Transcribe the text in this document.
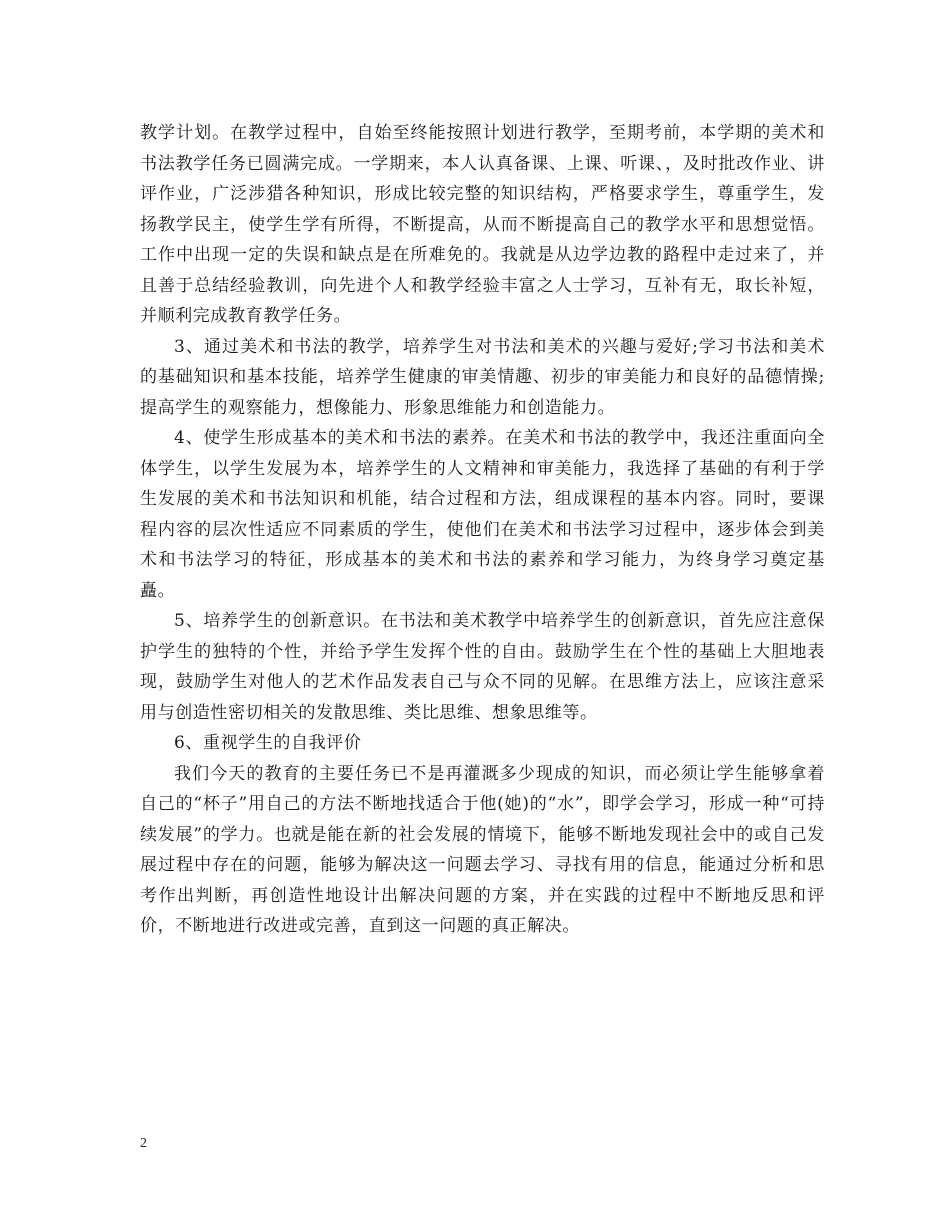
教学计划。在教学过程中，自始至终能按照计划进行教学，至期考前，本学期的美术和书法教学任务已圆满完成。一学期来，本人认真备课、上课、听课、，及时批改作业、讲评作业，广泛涉猎各种知识，形成比较完整的知识结构，严格要求学生，尊重学生，发扬教学民主，使学生学有所得，不断提高，从而不断提高自己的教学水平和思想觉悟。工作中出现一定的失误和缺点是在所难免的。我就是从边学边教的路程中走过来了，并且善于总结经验教训，向先进个人和教学经验丰富之人士学习，互补有无，取长补短，并顺利完成教育教学任务。

3、通过美术和书法的教学，培养学生对书法和美术的兴趣与爱好;学习书法和美术的基础知识和基本技能，培养学生健康的审美情趣、初步的审美能力和良好的品德情操;提高学生的观察能力，想像能力、形象思维能力和创造能力。

4、使学生形成基本的美术和书法的素养。在美术和书法的教学中，我还注重面向全体学生，以学生发展为本，培养学生的人文精神和审美能力，我选择了基础的有利于学生发展的美术和书法知识和机能，结合过程和方法，组成课程的基本内容。同时，要课程内容的层次性适应不同素质的学生，使他们在美术和书法学习过程中，逐步体会到美术和书法学习的特征，形成基本的美术和书法的素养和学习能力，为终身学习奠定基矗。

5、培养学生的创新意识。在书法和美术教学中培养学生的创新意识，首先应注意保护学生的独特的个性，并给予学生发挥个性的自由。鼓励学生在个性的基础上大胆地表现，鼓励学生对他人的艺术作品发表自己与众不同的见解。在思维方法上，应该注意采用与创造性密切相关的发散思维、类比思维、想象思维等。

6、重视学生的自我评价

我们今天的教育的主要任务已不是再灌溉多少现成的知识，而必须让学生能够拿着自己的“杯子”用自己的方法不断地找适合于他(她)的“水”，即学会学习，形成一种“可持续发展”的学力。也就是能在新的社会发展的情境下，能够不断地发现社会中的或自己发展过程中存在的问题，能够为解决这一问题去学习、寻找有用的信息，能通过分析和思考作出判断，再创造性地设计出解决问题的方案，并在实践的过程中不断地反思和评价，不断地进行改进或完善，直到这一问题的真正解决。

2
